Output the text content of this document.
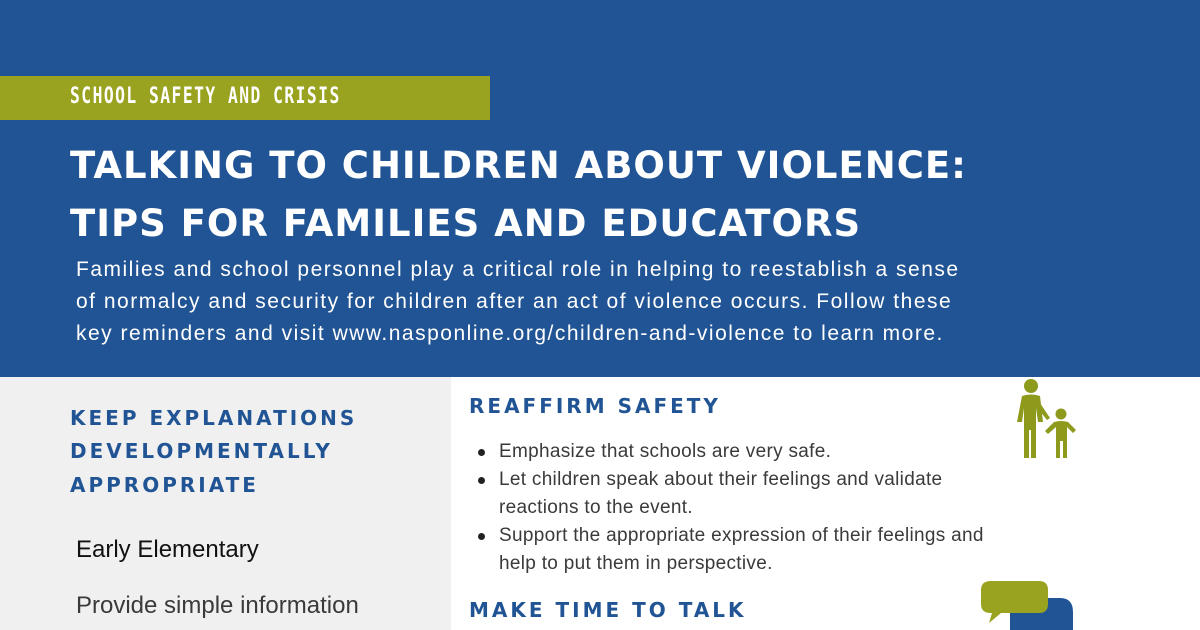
SCHOOL SAFETY AND CRISIS
TALKING TO CHILDREN ABOUT VIOLENCE:
TIPS FOR FAMILIES AND EDUCATORS
Families and school personnel play a critical role in helping to reestablish a sense
of normalcy and security for children after an act of violence occurs. Follow these
key reminders and visit www.nasponline.org/children-and-violence to learn more.
KEEP EXPLANATIONS
DEVELOPMENTALLY
APPROPRIATE
Early Elementary
Provide simple information
REAFFIRM SAFETY
Emphasize that schools are very safe.
Let children speak about their feelings and validate
reactions to the event.
Support the appropriate expression of their feelings and
help to put them in perspective.
MAKE TIME TO TALK
